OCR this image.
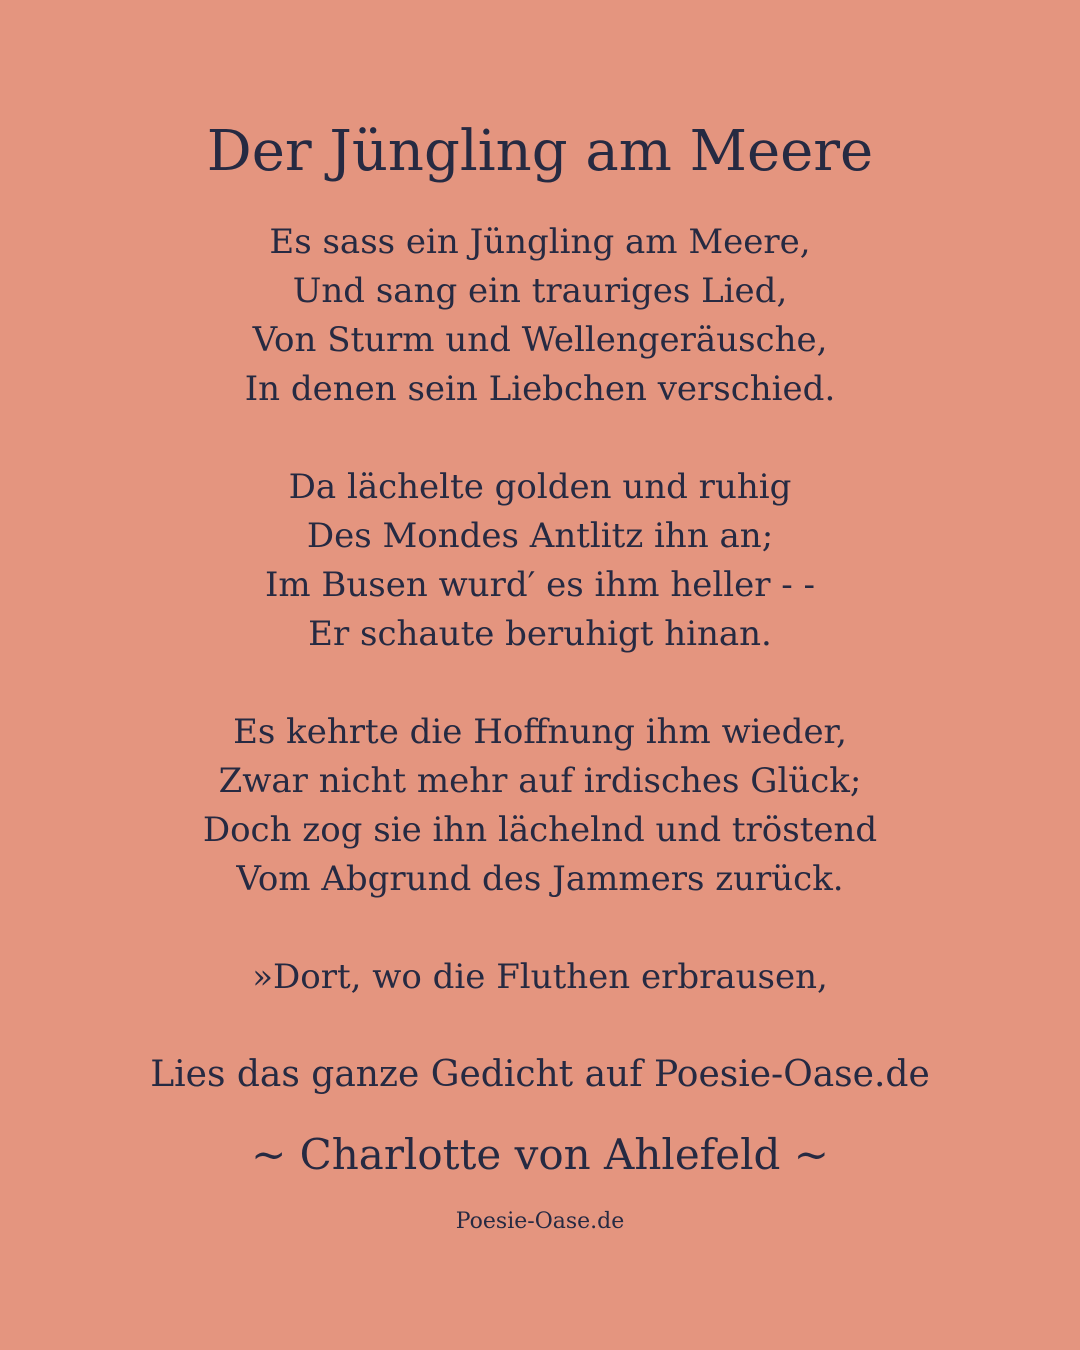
Der Jüngling am Meere
Es sass ein Jüngling am Meere,
Und sang ein trauriges Lied,
Von Sturm und Wellengeräusche,
In denen sein Liebchen verschied.
Da lächelte golden und ruhig
Des Mondes Antlitz ihn an;
Im Busen wurd′ es ihm heller - -
Er schaute beruhigt hinan.
Es kehrte die Hoffnung ihm wieder,
Zwar nicht mehr auf irdisches Glück;
Doch zog sie ihn lächelnd und tröstend
Vom Abgrund des Jammers zurück.
»Dort, wo die Fluthen erbrausen,
Lies das ganze Gedicht auf Poesie-Oase.de
~ Charlotte von Ahlefeld ~
Poesie-Oase.de
